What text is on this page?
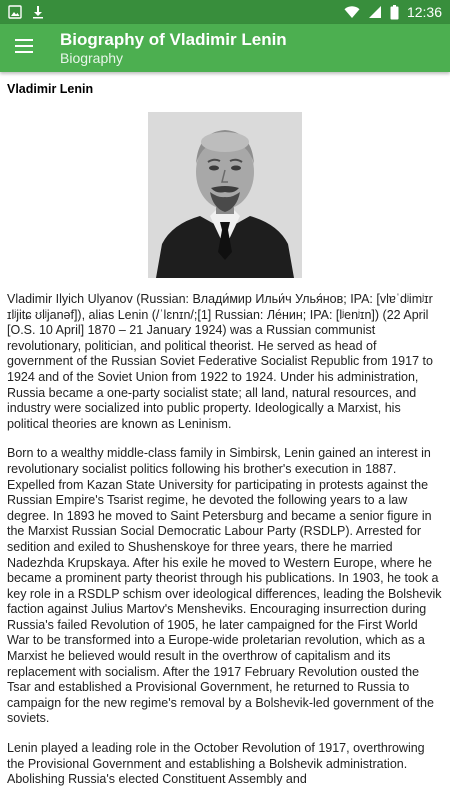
12:36
Biography of Vladimir Lenin
Biography
Vladimir Lenin

Vladimir Ilyich Ulyanov (Russian: Влади́мир Ильи́ч Улья́нов; IPA: [vlɐˈdʲimʲɪr ɪlʲjitɕ ʊlʲjanəf]), alias Lenin (/ˈlɛnɪn/;[1] Russian: Ле́нин; IPA: [lʲenʲɪn]) (22 April [O.S. 10 April] 1870 – 21 January 1924) was a Russian communist revolutionary, politician, and political theorist. He served as head of government of the Russian Soviet Federative Socialist Republic from 1917 to 1924 and of the Soviet Union from 1922 to 1924. Under his administration, Russia became a one-party socialist state; all land, natural resources, and industry were socialized into public property. Ideologically a Marxist, his political theories are known as Leninism.

Born to a wealthy middle-class family in Simbirsk, Lenin gained an interest in revolutionary socialist politics following his brother's execution in 1887. Expelled from Kazan State University for participating in protests against the Russian Empire's Tsarist regime, he devoted the following years to a law degree. In 1893 he moved to Saint Petersburg and became a senior figure in the Marxist Russian Social Democratic Labour Party (RSDLP). Arrested for sedition and exiled to Shushenskoye for three years, there he married Nadezhda Krupskaya. After his exile he moved to Western Europe, where he became a prominent party theorist through his publications. In 1903, he took a key role in a RSDLP schism over ideological differences, leading the Bolshevik faction against Julius Martov's Mensheviks. Encouraging insurrection during Russia's failed Revolution of 1905, he later campaigned for the First World War to be transformed into a Europe-wide proletarian revolution, which as a Marxist he believed would result in the overthrow of capitalism and its replacement with socialism. After the 1917 February Revolution ousted the Tsar and established a Provisional Government, he returned to Russia to campaign for the new regime's removal by a Bolshevik-led government of the soviets.

Lenin played a leading role in the October Revolution of 1917, overthrowing the Provisional Government and establishing a Bolshevik administration. Abolishing Russia's elected Constituent Assembly and
